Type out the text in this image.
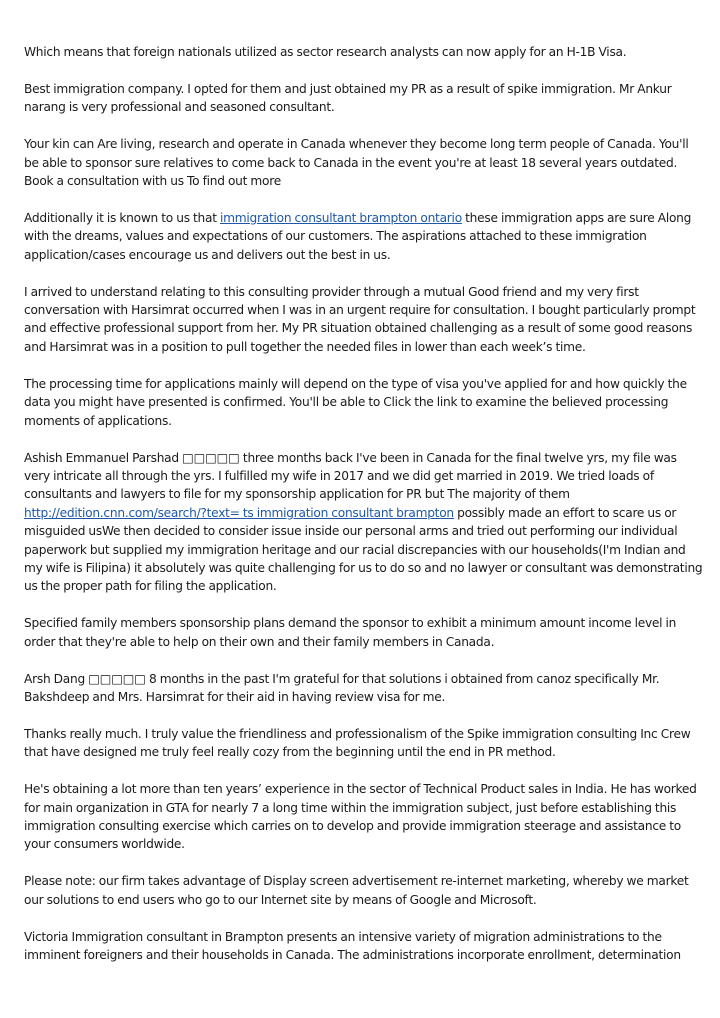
Which means that foreign nationals utilized as sector research analysts can now apply for an H-1B Visa.

Best immigration company. I opted for them and just obtained my PR as a result of spike immigration. Mr Ankur narang is very professional and seasoned consultant.

Your kin can Are living, research and operate in Canada whenever they become long term people of Canada. You'll be able to sponsor sure relatives to come back to Canada in the event you're at least 18 several years outdated. Book a consultation with us To find out more

Additionally it is known to us that immigration consultant brampton ontario these immigration apps are sure Along with the dreams, values and expectations of our customers. The aspirations attached to these immigration application/cases encourage us and delivers out the best in us.

I arrived to understand relating to this consulting provider through a mutual Good friend and my very first conversation with Harsimrat occurred when I was in an urgent require for consultation. I bought particularly prompt and effective professional support from her. My PR situation obtained challenging as a result of some good reasons and Harsimrat was in a position to pull together the needed files in lower than each week’s time.

The processing time for applications mainly will depend on the type of visa you've applied for and how quickly the data you might have presented is confirmed. You'll be able to Click the link to examine the believed processing moments of applications.

Ashish Emmanuel Parshad □□□□□ three months back I've been in Canada for the final twelve yrs, my file was very intricate all through the yrs. I fulfilled my wife in 2017 and we did get married in 2019. We tried loads of consultants and lawyers to file for my sponsorship application for PR but The majority of them http://edition.cnn.com/search/?text= ts immigration consultant brampton possibly made an effort to scare us or misguided usWe then decided to consider issue inside our personal arms and tried out performing our individual paperwork but supplied my immigration heritage and our racial discrepancies with our households(I'm Indian and my wife is Filipina) it absolutely was quite challenging for us to do so and no lawyer or consultant was demonstrating us the proper path for filing the application.

Specified family members sponsorship plans demand the sponsor to exhibit a minimum amount income level in order that they're able to help on their own and their family members in Canada.

Arsh Dang □□□□□ 8 months in the past I'm grateful for that solutions i obtained from canoz specifically Mr. Bakshdeep and Mrs. Harsimrat for their aid in having review visa for me.

Thanks really much. I truly value the friendliness and professionalism of the Spike immigration consulting Inc Crew that have designed me truly feel really cozy from the beginning until the end in PR method.

He's obtaining a lot more than ten years’ experience in the sector of Technical Product sales in India. He has worked for main organization in GTA for nearly 7 a long time within the immigration subject, just before establishing this immigration consulting exercise which carries on to develop and provide immigration steerage and assistance to your consumers worldwide.

Please note: our firm takes advantage of Display screen advertisement re-internet marketing, whereby we market our solutions to end users who go to our Internet site by means of Google and Microsoft.

Victoria Immigration consultant in Brampton presents an intensive variety of migration administrations to the imminent foreigners and their households in Canada. The administrations incorporate enrollment, determination
